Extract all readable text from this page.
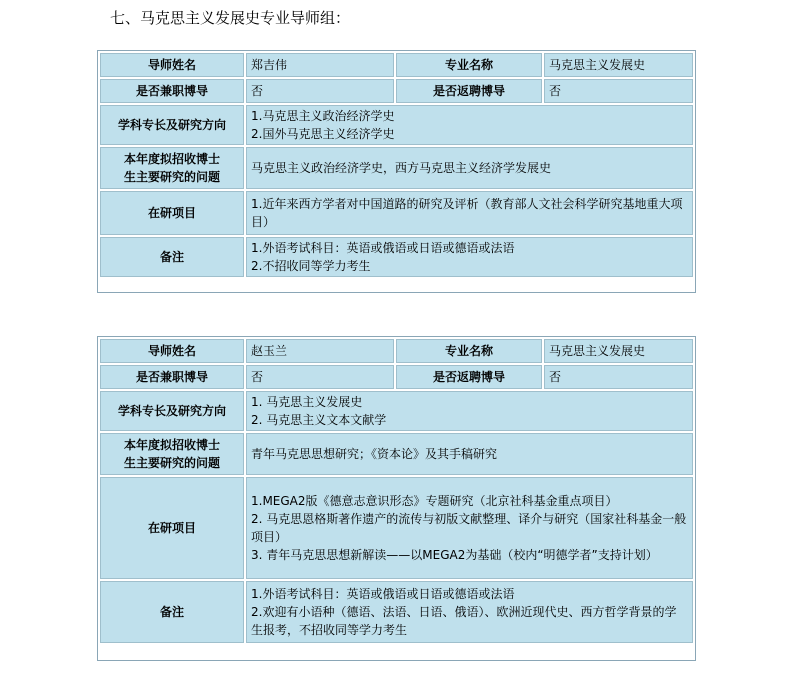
七、马克思主义发展史专业导师组：
导师姓名	郑吉伟	专业名称	马克思主义发展史
是否兼职博导	否	是否返聘博导	否
学科专长及研究方向	1.马克思主义政治经济学史
2.国外马克思主义经济学史		

本年度拟招收博士
生主要研究的问题	马克思主义政治经济学史，西方马克思主义经济学发展史		

在研项目	1.近年来西方学者对中国道路的研究及评析（教育部人文社会科学研究基地重大项目）		

备注	1.外语考试科目：英语或俄语或日语或德语或法语
2.不招收同等学力考生		
导师姓名	赵玉兰	专业名称	马克思主义发展史
是否兼职博导	否	是否返聘博导	否
学科专长及研究方向	1. 马克思主义发展史
2. 马克思主义文本文献学		

本年度拟招收博士
生主要研究的问题	青年马克思思想研究；《资本论》及其手稿研究		

在研项目	1.MEGA2版《德意志意识形态》专题研究（北京社科基金重点项目）
2. 马克思恩格斯著作遗产的流传与初版文献整理、译介与研究（国家社科基金一般项目）
3. 青年马克思思想新解读——以MEGA2为基础（校内“明德学者”支持计划）		

备注	1.外语考试科目：英语或俄语或日语或德语或法语
2.欢迎有小语种（德语、法语、日语、俄语）、欧洲近现代史、西方哲学背景的学生报考，不招收同等学力考生		
